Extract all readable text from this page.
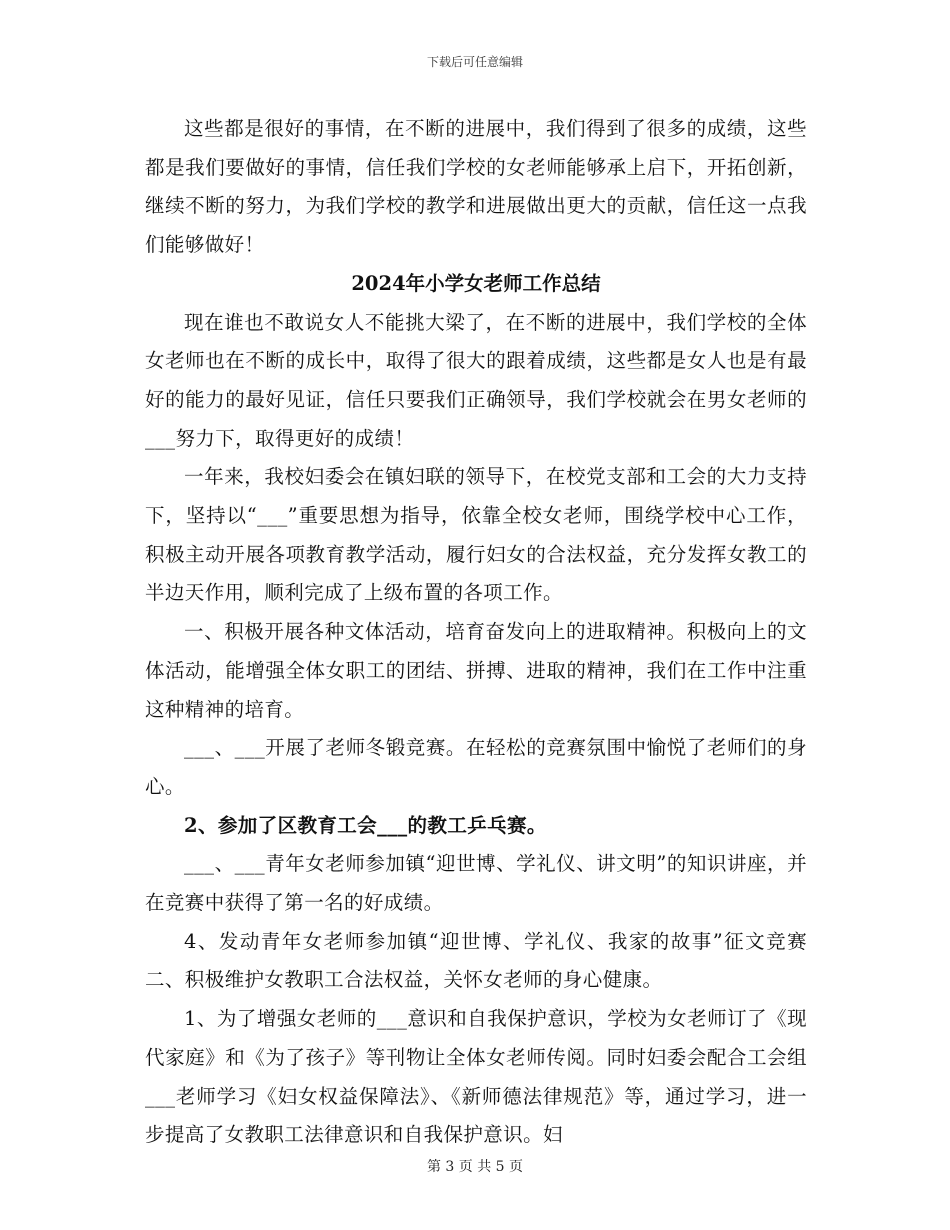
下载后可任意编辑

这些都是很好的事情，在不断的进展中，我们得到了很多的成绩，这些都是我们要做好的事情，信任我们学校的女老师能够承上启下，开拓创新，继续不断的努力，为我们学校的教学和进展做出更大的贡献，信任这一点我们能够做好！

2024年小学女老师工作总结

现在谁也不敢说女人不能挑大梁了，在不断的进展中，我们学校的全体女老师也在不断的成长中，取得了很大的跟着成绩，这些都是女人也是有最好的能力的最好见证，信任只要我们正确领导，我们学校就会在男女老师的___努力下，取得更好的成绩！

一年来，我校妇委会在镇妇联的领导下，在校党支部和工会的大力支持下，坚持以“___”重要思想为指导，依靠全校女老师，围绕学校中心工作，积极主动开展各项教育教学活动，履行妇女的合法权益，充分发挥女教工的半边天作用，顺利完成了上级布置的各项工作。

一、积极开展各种文体活动，培育奋发向上的进取精神。积极向上的文体活动，能增强全体女职工的团结、拼搏、进取的精神，我们在工作中注重这种精神的培育。

___、___开展了老师冬锻竞赛。在轻松的竞赛氛围中愉悦了老师们的身心。

2、参加了区教育工会___的教工乒乓赛。

___、___青年女老师参加镇“迎世博、学礼仪、讲文明”的知识讲座，并在竞赛中获得了第一名的好成绩。

4、发动青年女老师参加镇“迎世博、学礼仪、我家的故事”征文竞赛二、积极维护女教职工合法权益，关怀女老师的身心健康。

1、为了增强女老师的___意识和自我保护意识，学校为女老师订了《现代家庭》和《为了孩子》等刊物让全体女老师传阅。同时妇委会配合工会组___老师学习《妇女权益保障法》、《新师德法律规范》等，通过学习，进一步提高了女教职工法律意识和自我保护意识。妇

第 3 页 共 5 页
